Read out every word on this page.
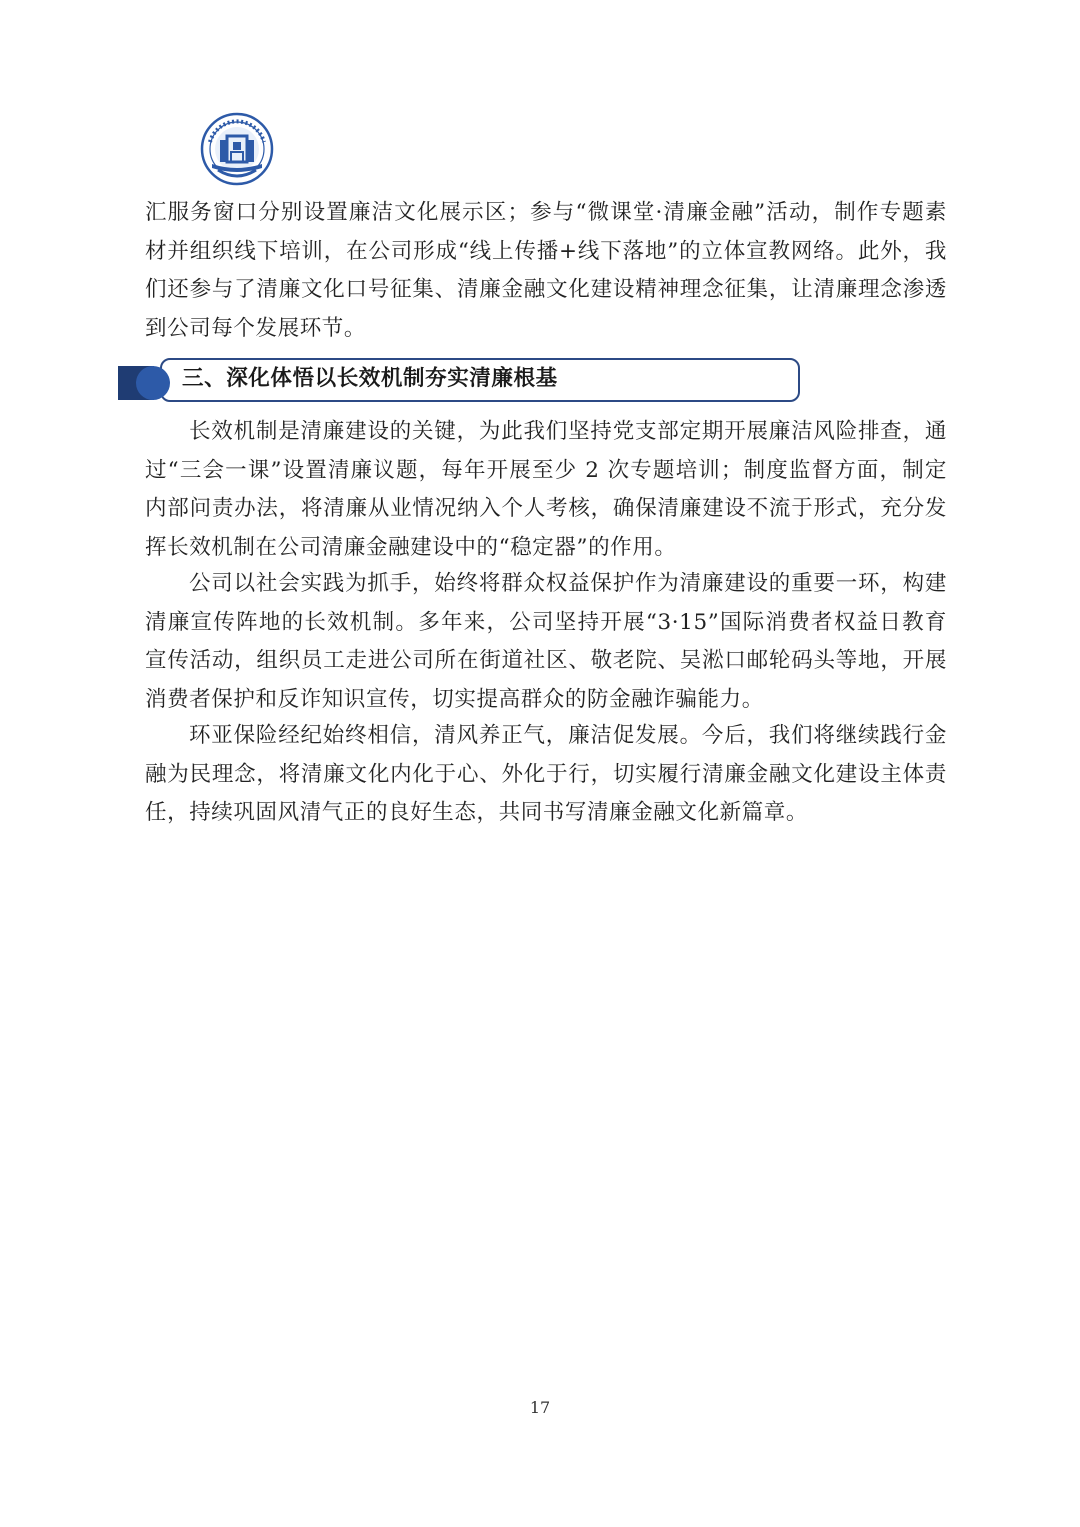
汇服务窗口分别设置廉洁文化展示区；参与“微课堂·清廉金融”活动，制作专题素材并组织线下培训，在公司形成“线上传播+线下落地”的立体宣教网络。此外，我们还参与了清廉文化口号征集、清廉金融文化建设精神理念征集，让清廉理念渗透到公司每个发展环节。

三、深化体悟以长效机制夯实清廉根基

长效机制是清廉建设的关键，为此我们坚持党支部定期开展廉洁风险排查，通过“三会一课”设置清廉议题，每年开展至少 2 次专题培训；制度监督方面，制定内部问责办法，将清廉从业情况纳入个人考核，确保清廉建设不流于形式，充分发挥长效机制在公司清廉金融建设中的“稳定器”的作用。

公司以社会实践为抓手，始终将群众权益保护作为清廉建设的重要一环，构建清廉宣传阵地的长效机制。多年来，公司坚持开展“3·15”国际消费者权益日教育宣传活动，组织员工走进公司所在街道社区、敬老院、吴淞口邮轮码头等地，开展消费者保护和反诈知识宣传，切实提高群众的防金融诈骗能力。

环亚保险经纪始终相信，清风养正气，廉洁促发展。今后，我们将继续践行金融为民理念，将清廉文化内化于心、外化于行，切实履行清廉金融文化建设主体责任，持续巩固风清气正的良好生态，共同书写清廉金融文化新篇章。

17
